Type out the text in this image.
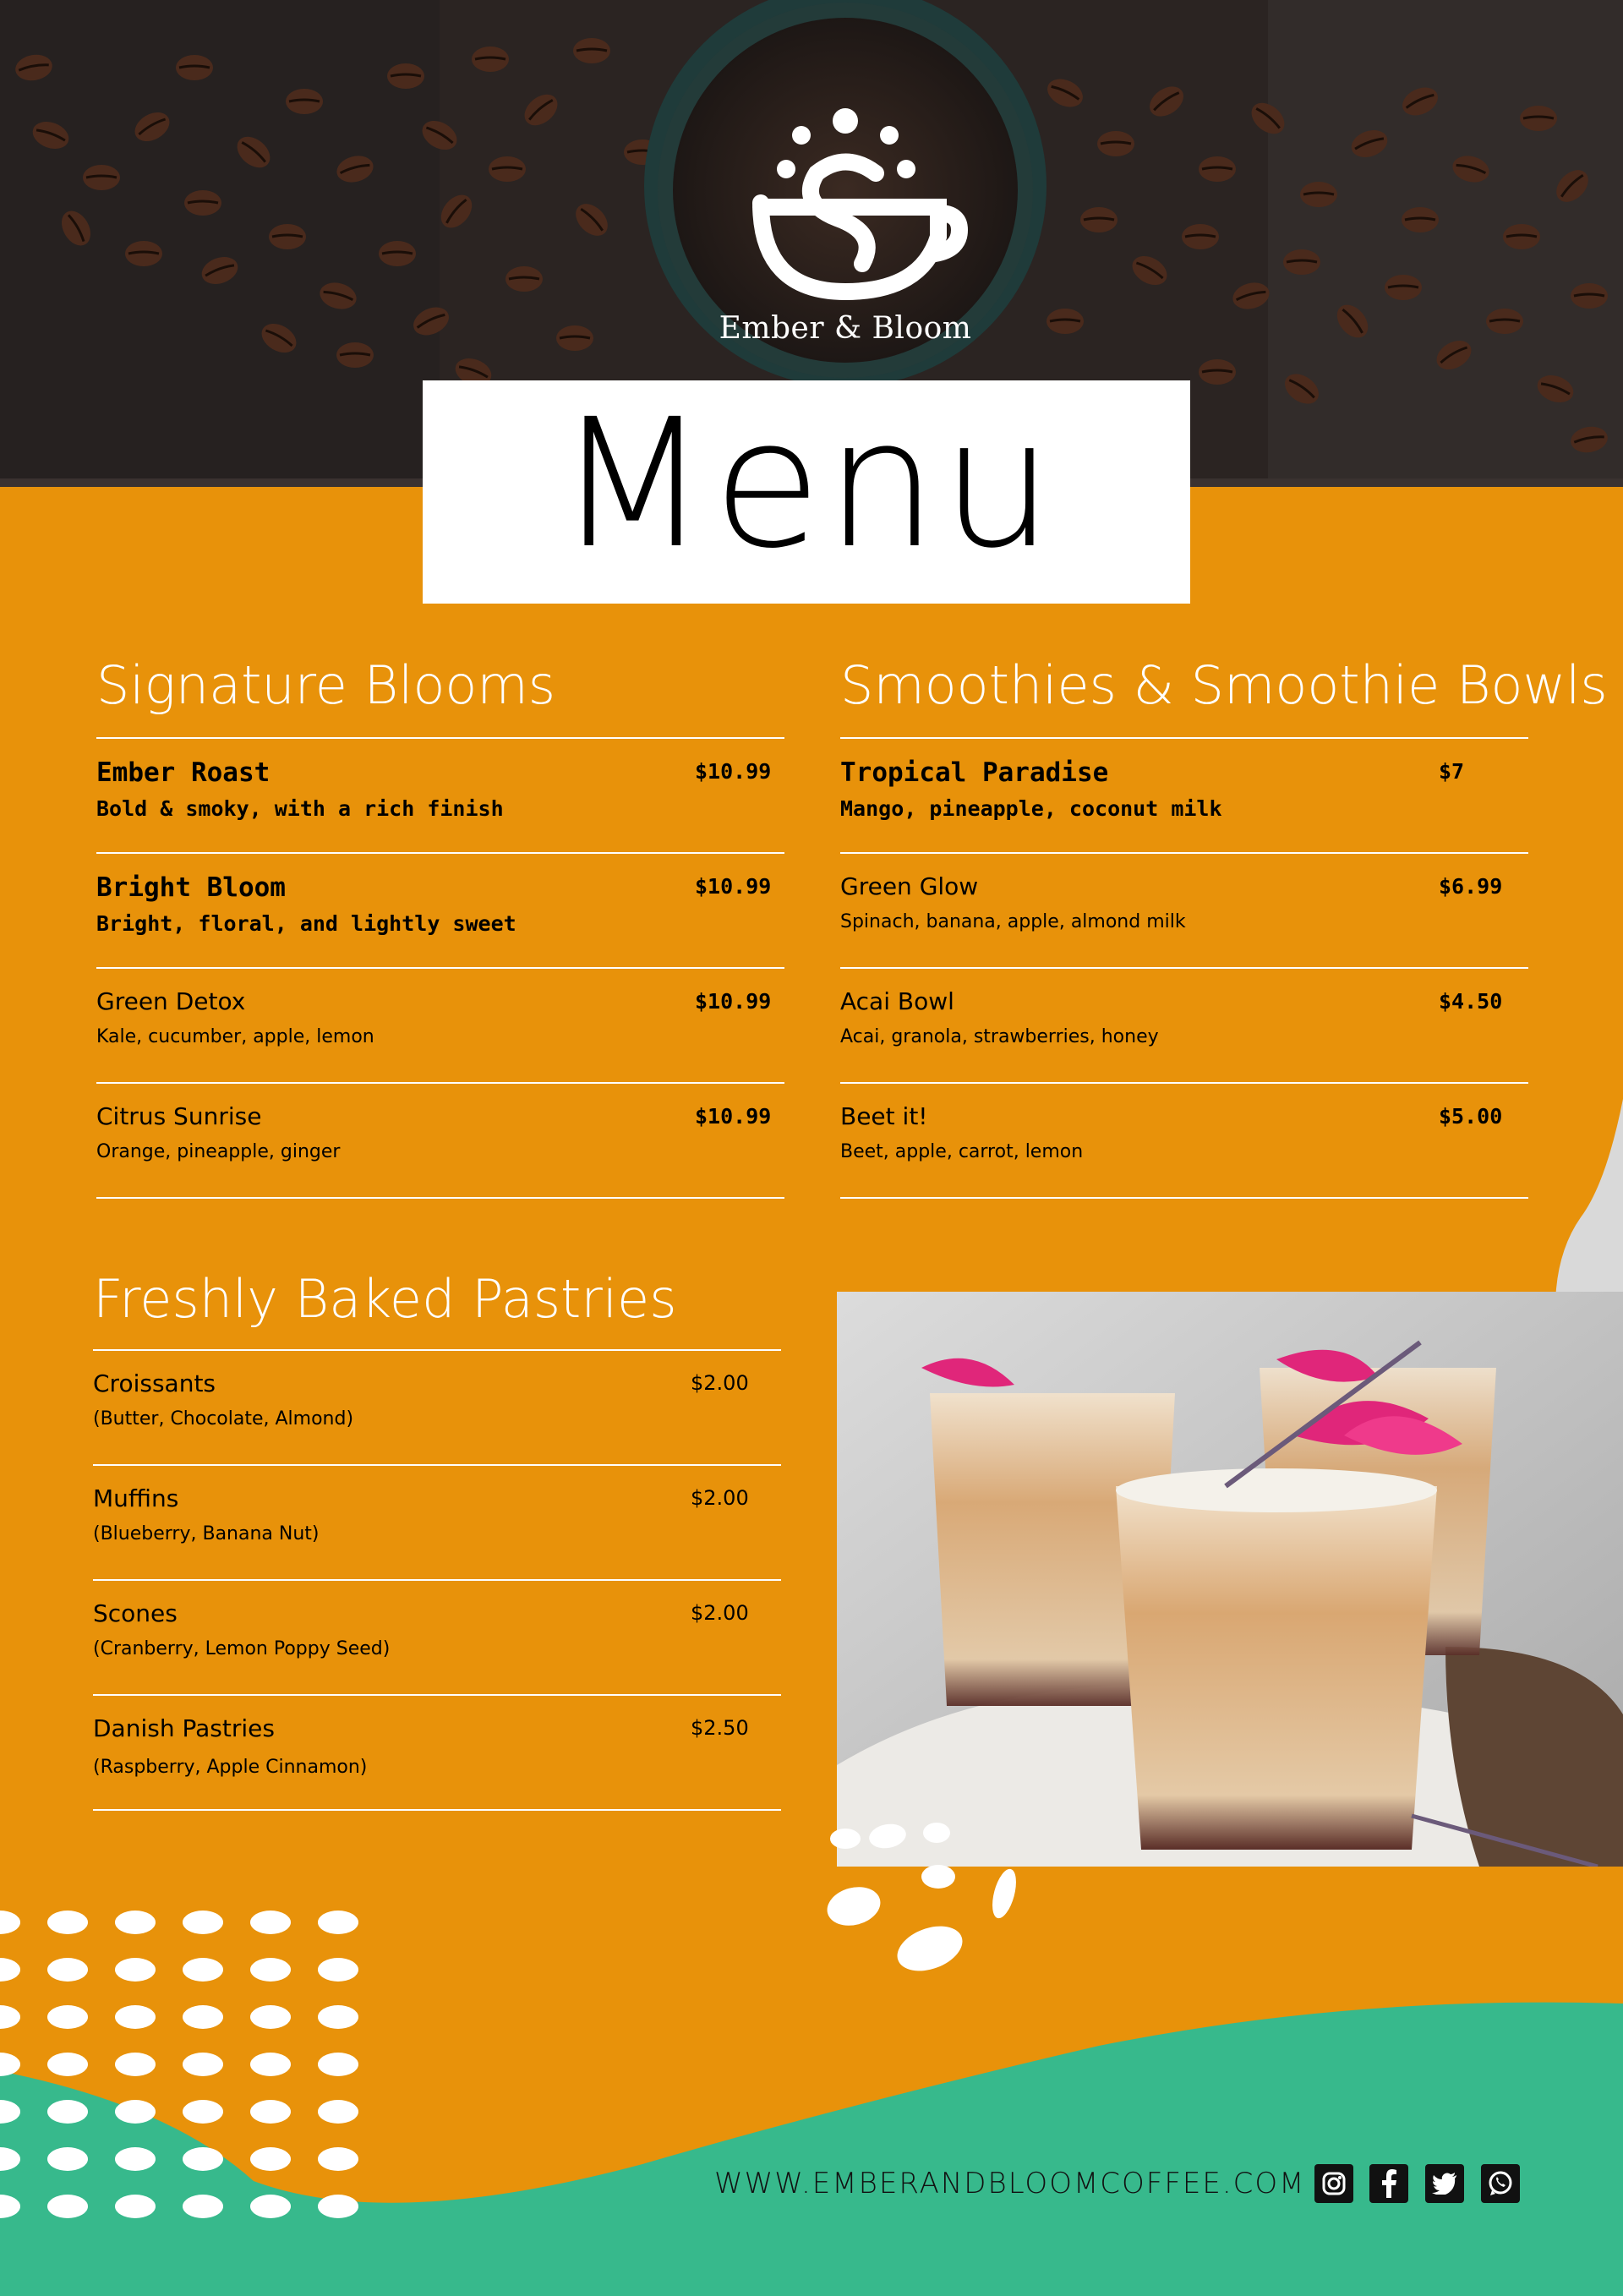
Ember & Bloom
Menu
Signature Blooms
Ember Roast
Bold & smoky, with a rich finish
$10.99
Bright Bloom
Bright, floral, and lightly sweet
$10.99
Green Detox
Kale, cucumber, apple, lemon
$10.99
Citrus Sunrise
Orange, pineapple, ginger
$10.99
Smoothies & Smoothie Bowls
Tropical Paradise
Mango, pineapple, coconut milk
$7
Green Glow
Spinach, banana, apple, almond milk
$6.99
Acai Bowl
Acai, granola, strawberries, honey
$4.50
Beet it!
Beet, apple, carrot, lemon
$5.00
Freshly Baked Pastries
Croissants
(Butter, Chocolate, Almond)
$2.00
Muffins
(Blueberry, Banana Nut)
$2.00
Scones
(Cranberry, Lemon Poppy Seed)
$2.00
Danish Pastries
(Raspberry, Apple Cinnamon)
$2.50
WWW.EMBERANDBLOOMCOFFEE.COM
